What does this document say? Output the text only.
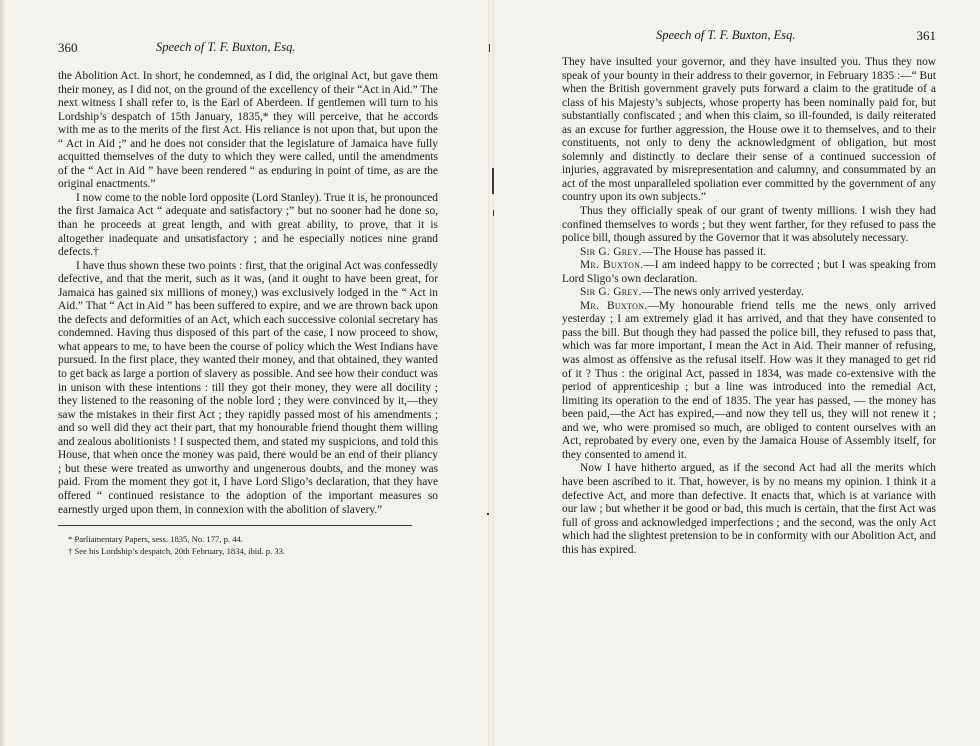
360	Speech of T. F. Buxton, Esq.

the Abolition Act. In short, he condemned, as I did, the original Act, but gave them their money, as I did not, on the ground of the excellency of their “Act in Aid.” The next witness I shall refer to, is the Earl of Aberdeen. If gentlemen will turn to his Lordship’s despatch of 15th January, 1835,* they will perceive, that he accords with me as to the merits of the first Act. His reliance is not upon that, but upon the “ Act in Aid ;” and he does not consider that the legislature of Jamaica have fully acquitted themselves of the duty to which they were called, until the amendments of the “ Act in Aid ” have been rendered “ as enduring in point of time, as are the original enactments.”

I now come to the noble lord opposite (Lord Stanley). True it is, he pronounced the first Jamaica Act “ adequate and satisfactory ;” but no sooner had he done so, than he proceeds at great length, and with great ability, to prove, that it is altogether inadequate and unsatisfactory ; and he especially notices nine grand defects.†

I have thus shown these two points : first, that the original Act was confessedly defective, and that the merit, such as it was, (and it ought to have been great, for Jamaica has gained six millions of money,) was exclusively lodged in the “ Act in Aid.” That “ Act in Aid ” has been suffered to expire, and we are thrown back upon the defects and deformities of an Act, which each successive colonial secretary has condemned. Having thus disposed of this part of the case, I now proceed to show, what appears to me, to have been the course of policy which the West Indians have pursued. In the first place, they wanted their money, and that obtained, they wanted to get back as large a portion of slavery as possible. And see how their conduct was in unison with these intentions : till they got their money, they were all docility ; they listened to the reasoning of the noble lord ; they were convinced by it,—they saw the mistakes in their first Act ; they rapidly passed most of his amendments ; and so well did they act their part, that my honourable friend thought them willing and zealous abolitionists ! I suspected them, and stated my suspicions, and told this House, that when once the money was paid, there would be an end of their pliancy ; but these were treated as unworthy and ungenerous doubts, and the money was paid. From the moment they got it, I have Lord Sligo’s declaration, that they have offered “ continued resistance to the adoption of the important measures so earnestly urged upon them, in connexion with the abolition of slavery.”

* Parliamentary Papers, sess. 1835, No. 177, p. 44.
† See his Lordship’s despatch, 20th February, 1834, ibid. p. 33.
Speech of T. F. Buxton, Esq.	361

They have insulted your governor, and they have insulted you. Thus they now speak of your bounty in their address to their governor, in February 1835 :—“ But when the British government gravely puts forward a claim to the gratitude of a class of his Majesty’s subjects, whose property has been nominally paid for, but substantially confiscated ; and when this claim, so ill-founded, is daily reiterated as an excuse for further aggression, the House owe it to themselves, and to their constituents, not only to deny the acknowledgment of obligation, but most solemnly and distinctly to declare their sense of a continued succession of injuries, aggravated by misrepresentation and calumny, and consummated by an act of the most unparalleled spoliation ever committed by the government of any country upon its own subjects.”

Thus they officially speak of our grant of twenty millions. I wish they had confined themselves to words ; but they went farther, for they refused to pass the police bill, though assured by the Governor that it was absolutely necessary.

Sir G. Grey.—The House has passed it.

Mr. Buxton.—I am indeed happy to be corrected ; but I was speaking from Lord Sligo’s own declaration.

Sir G. Grey.—The news only arrived yesterday.

Mr. Buxton.—My honourable friend tells me the news only arrived yesterday ; I am extremely glad it has arrived, and that they have consented to pass the bill. But though they had passed the police bill, they refused to pass that, which was far more important, I mean the Act in Aid. Their manner of refusing, was almost as offensive as the refusal itself. How was it they managed to get rid of it ? Thus : the original Act, passed in 1834, was made co-extensive with the period of apprenticeship ; but a line was introduced into the remedial Act, limiting its operation to the end of 1835. The year has passed, — the money has been paid,—the Act has expired,—and now they tell us, they will not renew it ; and we, who were promised so much, are obliged to content ourselves with an Act, reprobated by every one, even by the Jamaica House of Assembly itself, for they consented to amend it.

Now I have hitherto argued, as if the second Act had all the merits which have been ascribed to it. That, however, is by no means my opinion. I think it a defective Act, and more than defective. It enacts that, which is at variance with our law ; but whether it be good or bad, this much is certain, that the first Act was full of gross and acknowledged imperfections ; and the second, was the only Act which had the slightest pretension to be in conformity with our Abolition Act, and this has expired.
